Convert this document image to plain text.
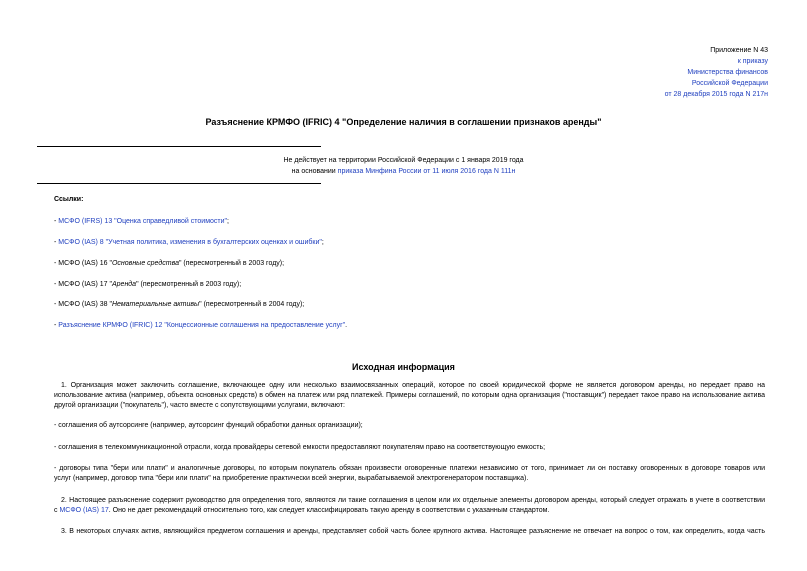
Приложение N 43
к приказу
Министерства финансов
Российской Федерации
от 28 декабря 2015 года N 217н
Разъяснение КРМФО (IFRIC) 4 "Определение наличия в соглашении признаков аренды"
Не действует на территории Российской Федерации с 1 января 2019 года
на основании приказа Минфина России от 11 июля 2016 года N 111н
Ссылки:
- МСФО (IFRS) 13 "Оценка справедливой стоимости";
- МСФО (IAS) 8 "Учетная политика, изменения в бухгалтерских оценках и ошибки";
- МСФО (IAS) 16 "Основные средства" (пересмотренный в 2003 году);
- МСФО (IAS) 17 "Аренда" (пересмотренный в 2003 году);
- МСФО (IAS) 38 "Нематериальные активы" (пересмотренный в 2004 году);
- Разъяснение КРМФО (IFRIC) 12 "Концессионные соглашения на предоставление услуг".
Исходная информация
1. Организация может заключить соглашение, включающее одну или несколько взаимосвязанных операций, которое по своей юридической форме не является договором аренды, но передает право на
использование актива (например, объекта основных средств) в обмен на платеж или ряд платежей. Примеры соглашений, по которым одна организация ("поставщик") передает такое право на использование актива
другой организации ("покупатель"), часто вместе с сопутствующими услугами, включают:
- соглашения об аутсорсинге (например, аутсорсинг функций обработки данных организации);
- соглашения в телекоммуникационной отрасли, когда провайдеры сетевой емкости предоставляют покупателям право на соответствующую емкость;
- договоры типа "бери или плати" и аналогичные договоры, по которым покупатель обязан произвести оговоренные платежи независимо от того, принимает ли он поставку оговоренных в договоре товаров или
услуг (например, договор типа "бери или плати" на приобретение практически всей энергии, вырабатываемой электрогенератором поставщика).
2. Настоящее разъяснение содержит руководство для определения того, являются ли такие соглашения в целом или их отдельные элементы договором аренды, который следует отражать в учете в соответствии
с МСФО (IAS) 17. Оно не дает рекомендаций относительно того, как следует классифицировать такую аренду в соответствии с указанным стандартом.
3. В некоторых случаях актив, являющийся предметом соглашения и аренды, представляет собой часть более крупного актива. Настоящее разъяснение не отвечает на вопрос о том, как определить, когда часть
